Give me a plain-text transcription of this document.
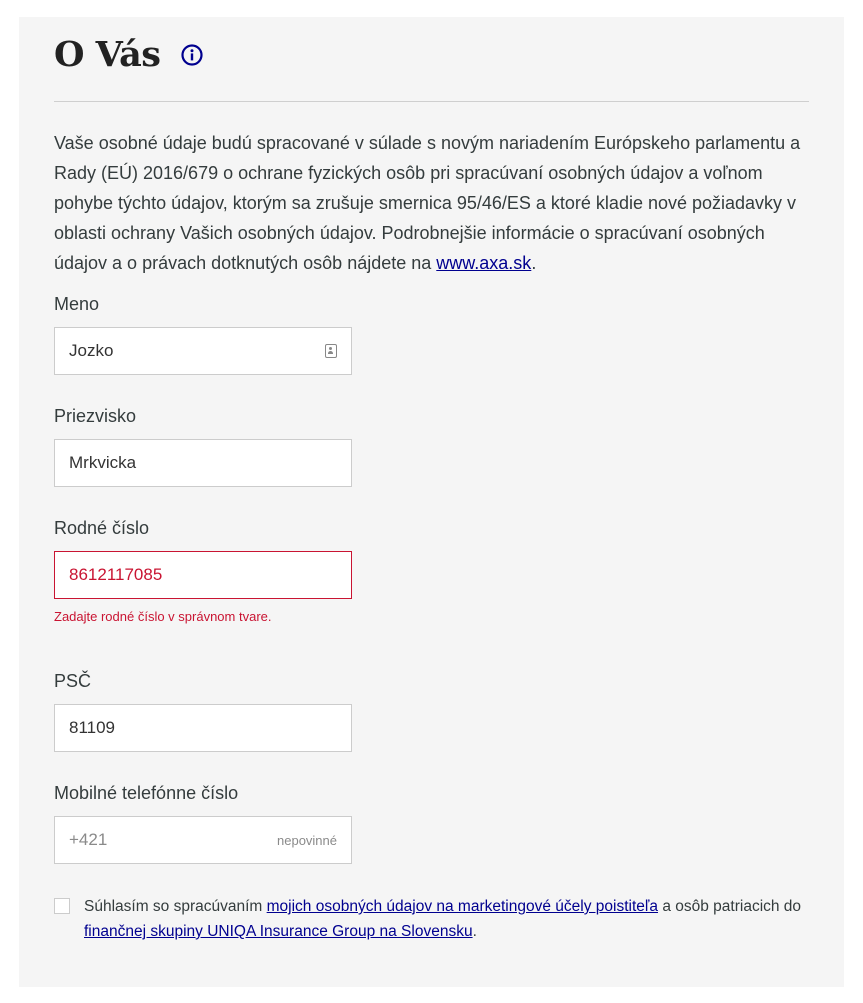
O Vás

Vaše osobné údaje budú spracované v súlade s novým nariadením Európskeho parlamentu a Rady (EÚ) 2016/679 o ochrane fyzických osôb pri spracúvaní osobných údajov a voľnom pohybe týchto údajov, ktorým sa zrušuje smernica 95/46/ES a ktoré kladie nové požiadavky v oblasti ochrany Vašich osobných údajov. Podrobnejšie informácie o spracúvaní osobných údajov a o právach dotknutých osôb nájdete na www.axa.sk.

Meno
Jozko
Priezvisko
Mrkvicka
Rodné číslo
8612117085
Zadajte rodné číslo v správnom tvare.
PSČ
81109
Mobilné telefónne číslo
+421	nepovinné
Súhlasím so spracúvaním mojich osobných údajov na marketingové účely poistiteľa a osôb patriacich do finančnej skupiny UNIQA Insurance Group na Slovensku.
